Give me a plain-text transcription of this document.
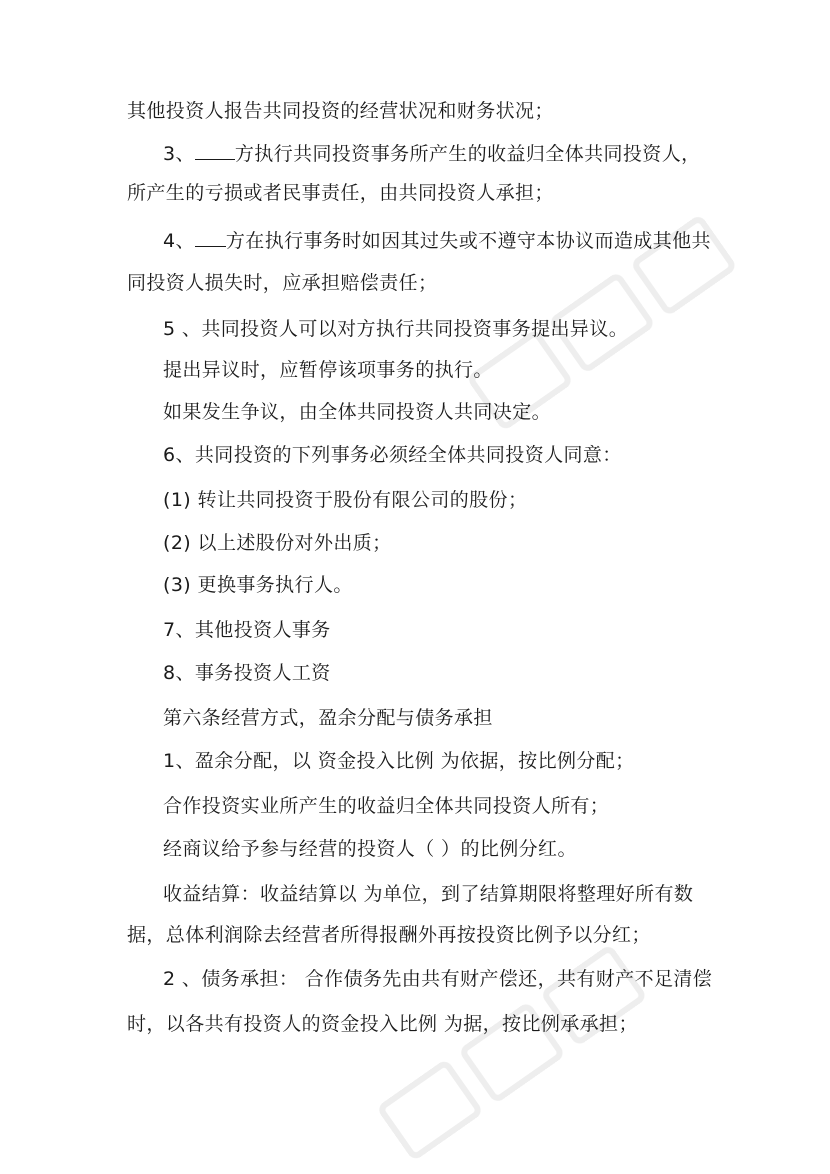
其他投资人报告共同投资的经营状况和财务状况；
3、 方执行共同投资事务所产生的收益归全体共同投资人，
所产生的亏损或者民事责任，由共同投资人承担；
4、 方在执行事务时如因其过失或不遵守本协议而造成其他共
同投资人损失时，应承担赔偿责任；
5 、共同投资人可以对方执行共同投资事务提出异议。
提出异议时，应暂停该项事务的执行。
如果发生争议，由全体共同投资人共同决定。
6、共同投资的下列事务必须经全体共同投资人同意：
(1) 转让共同投资于股份有限公司的股份；
(2) 以上述股份对外出质；
(3) 更换事务执行人。
7、其他投资人事务
8、事务投资人工资
第六条经营方式，盈余分配与债务承担
1、盈余分配，以 资金投入比例 为依据，按比例分配；
合作投资实业所产生的收益归全体共同投资人所有；
经商议给予参与经营的投资人（ ）的比例分红。
收益结算：收益结算以 为单位，到了结算期限将整理好所有数
据，总体利润除去经营者所得报酬外再按投资比例予以分红；
2 、债务承担： 合作债务先由共有财产偿还，共有财产不足清偿
时，以各共有投资人的资金投入比例 为据，按比例承承担；
